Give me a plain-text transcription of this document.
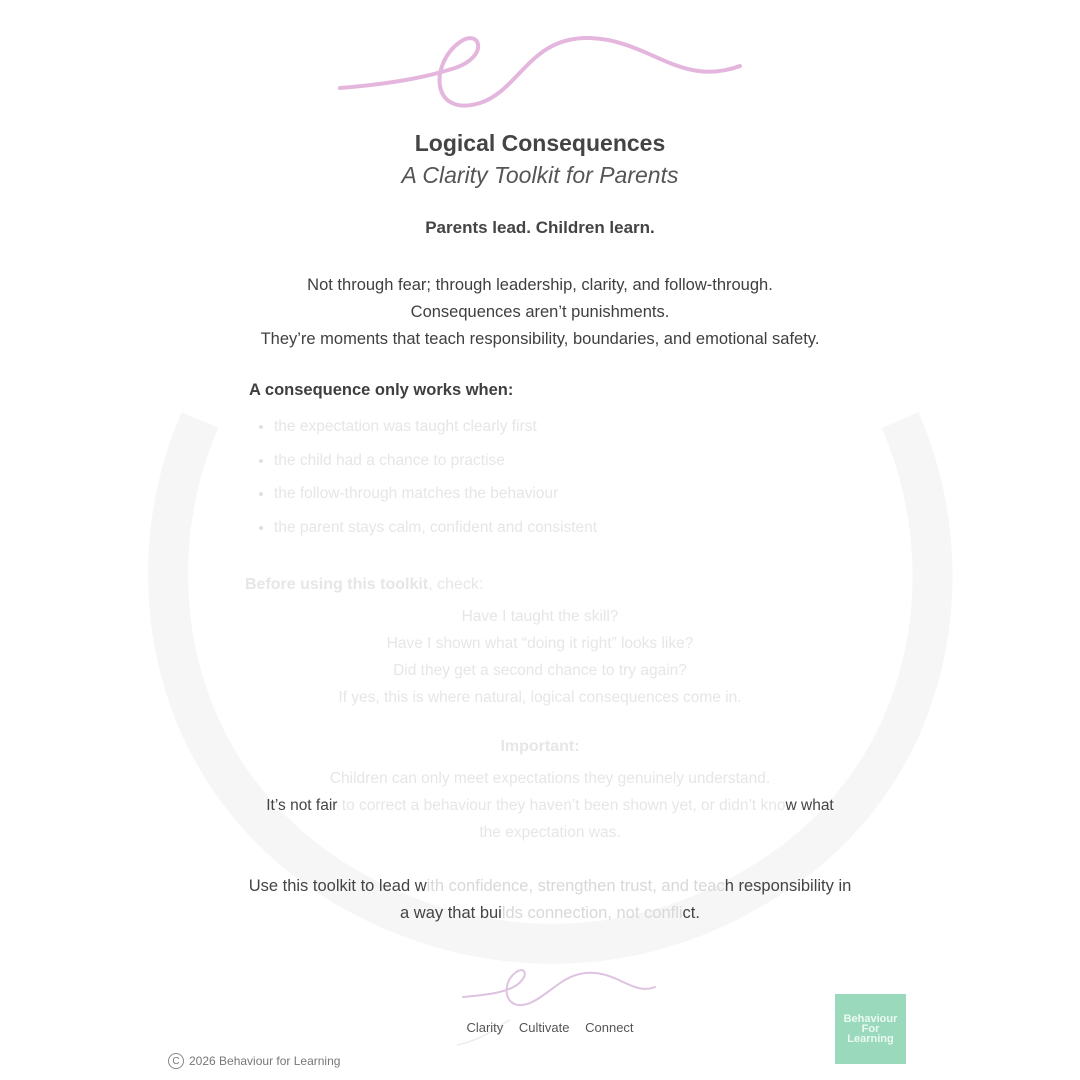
Logical Consequences
A Clarity Toolkit for Parents
Parents lead. Children learn.
Not through fear; through leadership, clarity, and follow-through.
Consequences aren’t punishments.
They’re moments that teach responsibility, boundaries, and emotional safety.
A consequence only works when:
• the expectation was taught clearly first
• the child had a chance to practise
• the follow-through matches the behaviour
• the parent stays calm, confident and consistent
Before using this toolkit, check:
Have I taught the skill?
Have I shown what “doing it right” looks like?
Did they get a second chance to try again?
If yes, this is where natural, logical consequences come in.
Important:
Children can only meet expectations they genuinely understand.
It’s not fair to correct a behaviour they haven’t been shown yet, or didn’t know what
the expectation was.
Use this toolkit to lead with confidence, strengthen trust, and teach responsibility in
a way that builds connection, not conflict.
Clarity Cultivate Connect
C 2026 Behaviour for Learning
Behaviour
For
Learning
